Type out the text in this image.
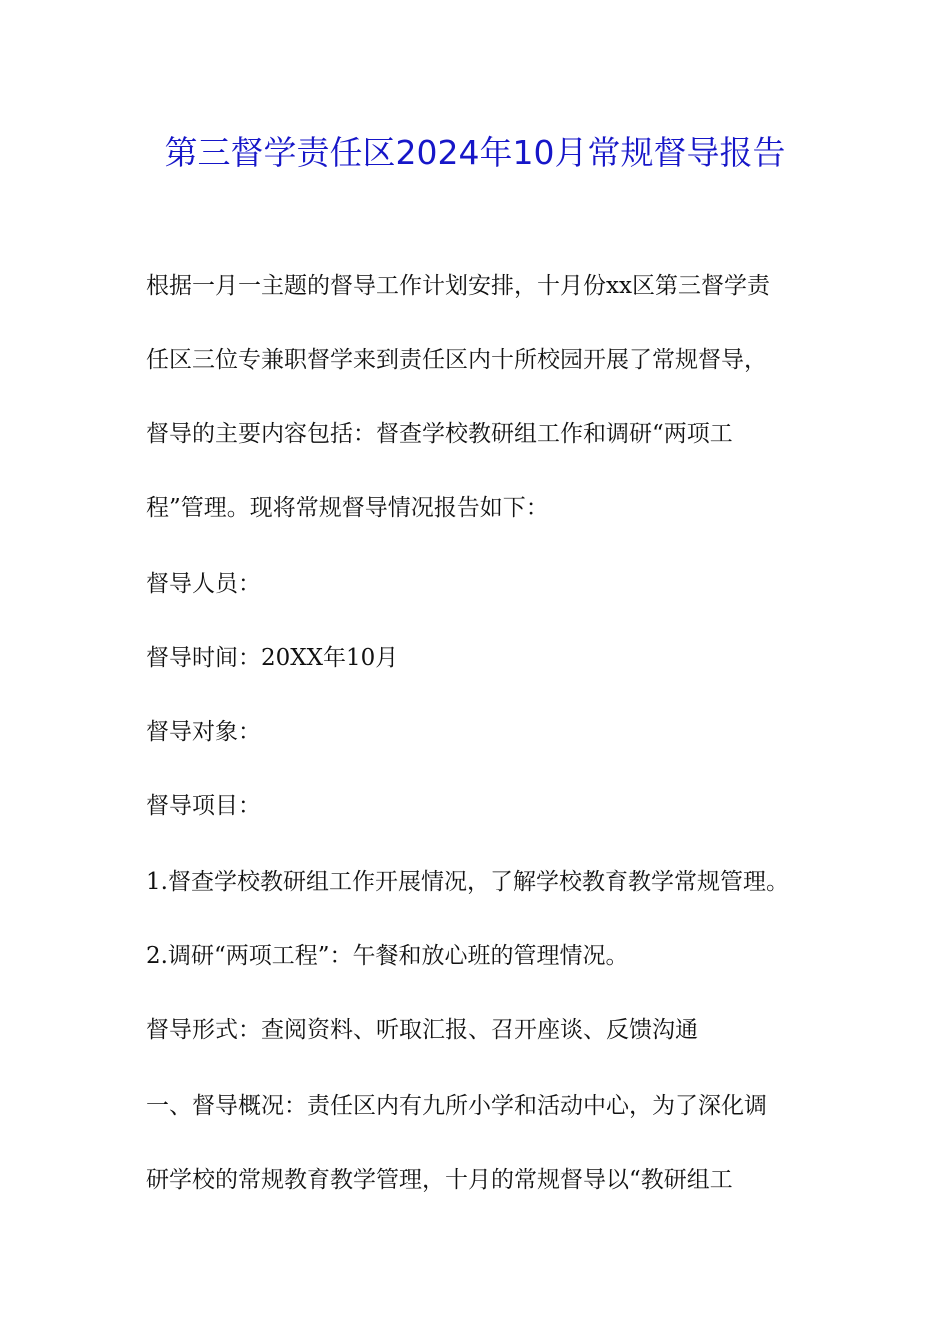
第三督学责任区2024年10月常规督导报告
根据一月一主题的督导工作计划安排，十月份xx区第三督学责
任区三位专兼职督学来到责任区内十所校园开展了常规督导，
督导的主要内容包括：督查学校教研组工作和调研“两项工
程”管理。现将常规督导情况报告如下：
督导人员：
督导时间：20XX年10月
督导对象：
督导项目：
1.督查学校教研组工作开展情况，了解学校教育教学常规管理。
2.调研“两项工程”：午餐和放心班的管理情况。
督导形式：查阅资料、听取汇报、召开座谈、反馈沟通
一、督导概况：责任区内有九所小学和活动中心，为了深化调
研学校的常规教育教学管理，十月的常规督导以“教研组工
